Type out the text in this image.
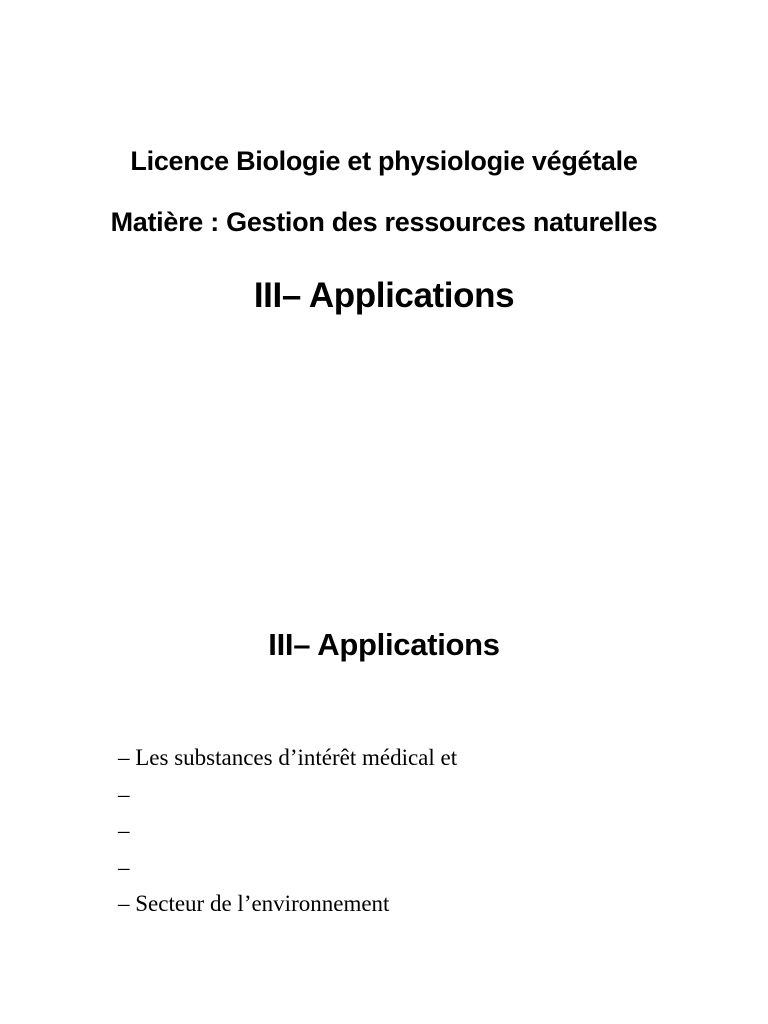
Licence Biologie et physiologie végétale

Matière : Gestion des ressources naturelles

III– Applications

III– Applications

– Les substances d’intérêt médical et
–
–
–
– Secteur de l’environnement
